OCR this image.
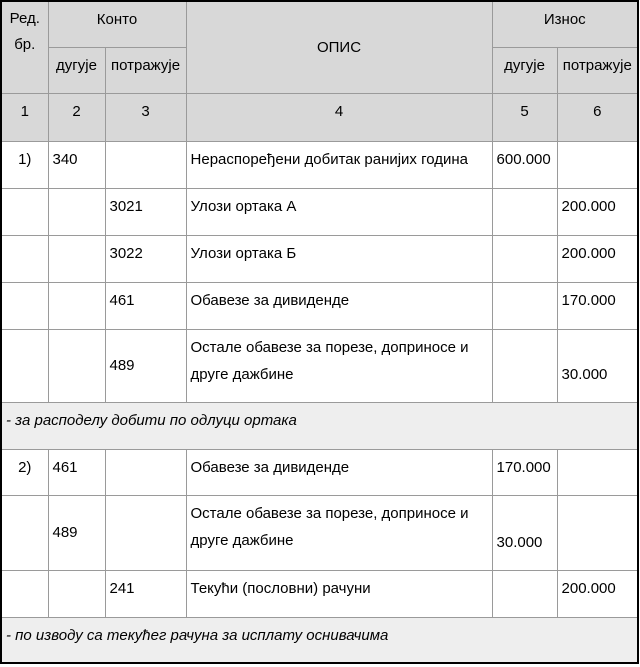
Ред. бр.	Конто		ОПИС	Износ	
	дугује	потражује		дугује	потражује
1	2	3	4	5	6
1)	340		Нераспоређени добитак ранијих година	600.000	
		3021	Улози ортака А		200.000
		3022	Улози ортака Б		200.000
		461	Обавезе за дивиденде		170.000
		489	Остале обавезе за порезе, доприносе и друге дажбине		30.000
- за расподелу добити по одлуци ортака					
2)	461		Обавезе за дивиденде	170.000	
	489		Остале обавезе за порезе, доприносе и друге дажбине	30.000	
		241	Текући (пословни) рачуни		200.000
- по изводу са текућег рачуна за исплату оснивачима					
